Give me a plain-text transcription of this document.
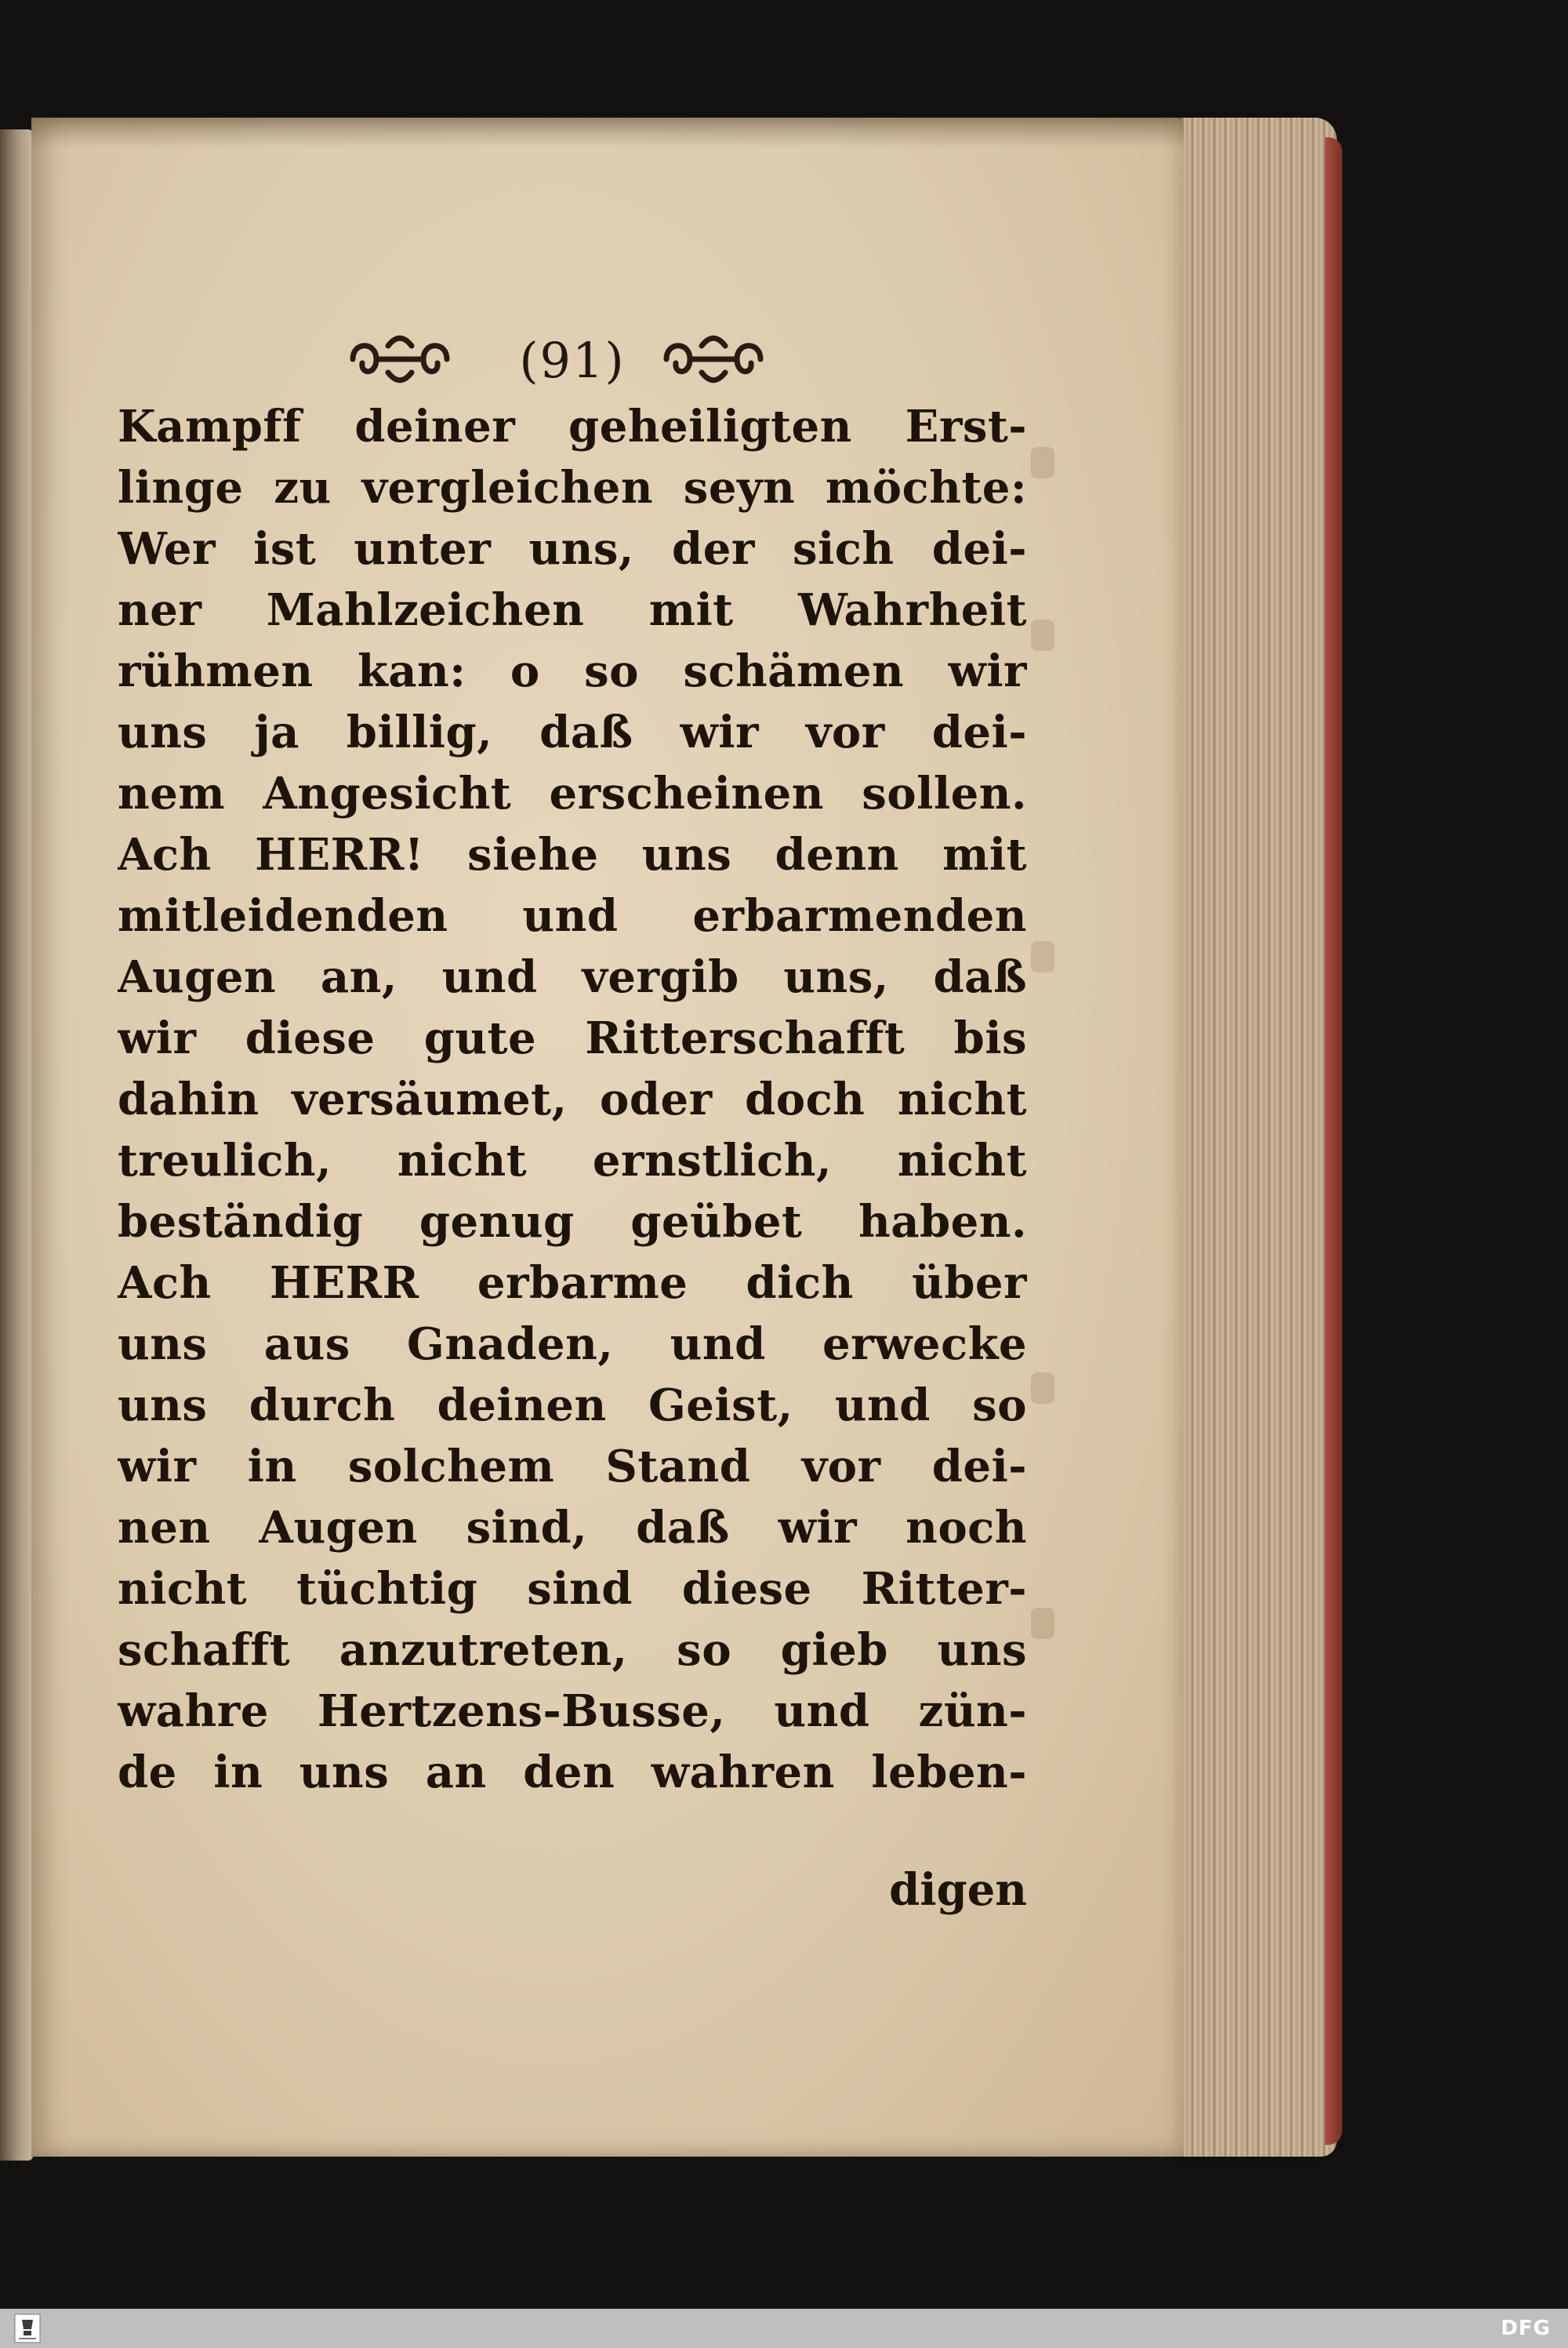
(91)
Kampff deiner geheiligten Erst-
linge zu vergleichen seyn möchte:
Wer ist unter uns, der sich dei-
ner Mahlzeichen mit Wahrheit
rühmen kan: o so schämen wir
uns ja billig, daß wir vor dei-
nem Angesicht erscheinen sollen.
Ach HERR! siehe uns denn mit
mitleidenden und erbarmenden
Augen an, und vergib uns, daß
wir diese gute Ritterschafft bis
dahin versäumet, oder doch nicht
treulich, nicht ernstlich, nicht
beständig genug geübet haben.
Ach HERR erbarme dich über
uns aus Gnaden, und erwecke
uns durch deinen Geist, und so
wir in solchem Stand vor dei-
nen Augen sind, daß wir noch
nicht tüchtig sind diese Ritter-
schafft anzutreten, so gieb uns
wahre Hertzens-Busse, und zün-
de in uns an den wahren leben-
digen
DFG
